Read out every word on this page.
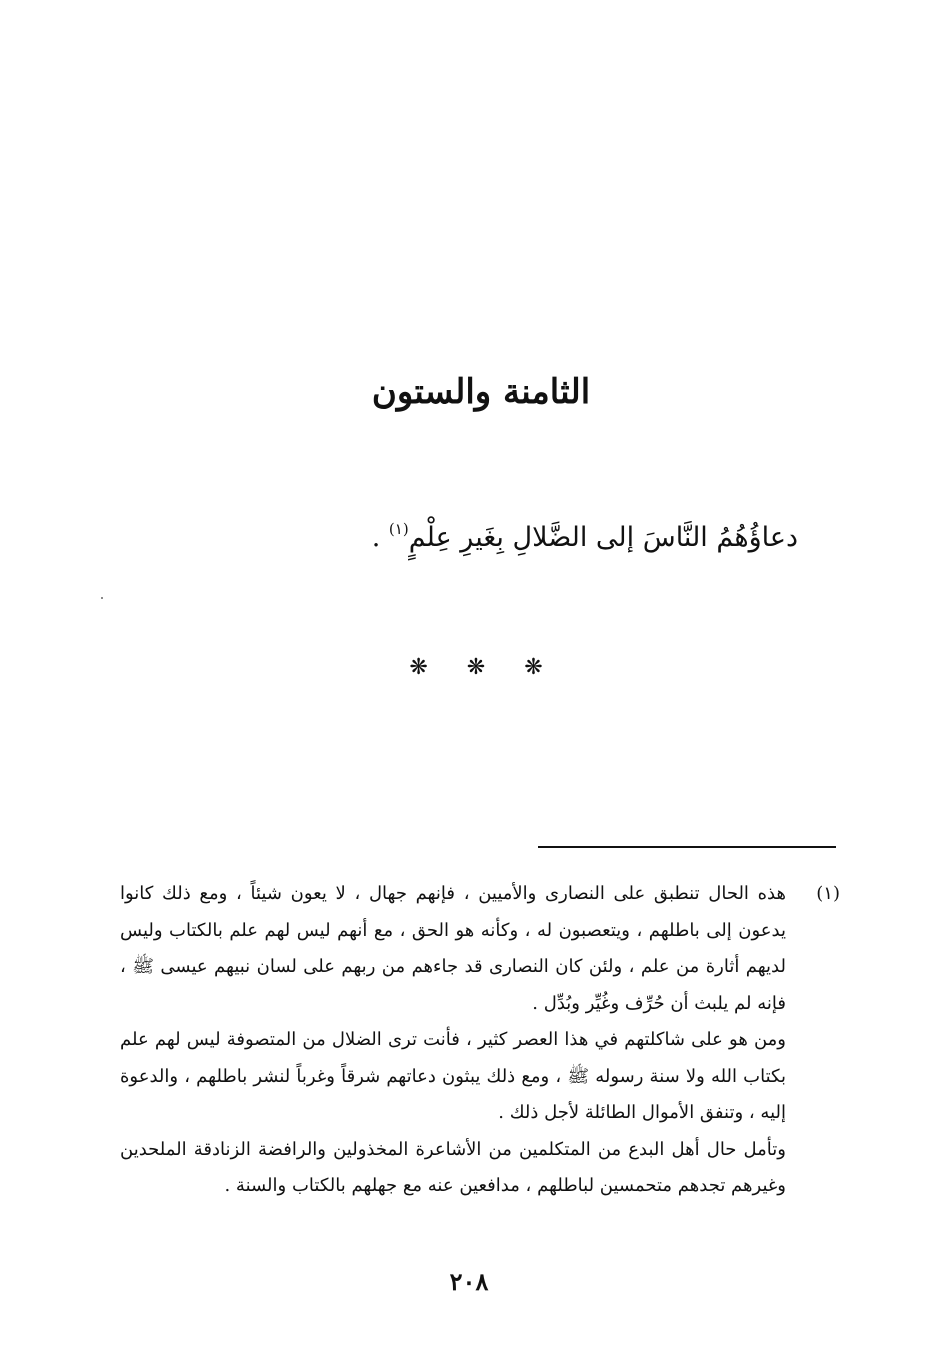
الثامنة والستون
دعاؤُهُمُ النَّاسَ إلى الضَّلالِ بِغَيرِ عِلْمٍ$^{(١)}$ .
❋ ❋ ❋
(١)

هذه الحال تنطبق على النصارى والأميين ، فإنهم جهال ، لا يعون شيئاً ، ومع ذلك كانوا يدعون إلى باطلهم ، ويتعصبون له ، وكأنه هو الحق ، مع أنهم ليس لهم علم بالكتاب وليس لديهم أثارة من علم ، ولئن كان النصارى قد جاءهم من ربهم على لسان نبيهم عيسى ﷺ ، فإنه لم يلبث أن حُرِّف وغُيِّر وبُدِّل .

ومن هو على شاكلتهم في هذا العصر كثير ، فأنت ترى الضلال من المتصوفة ليس لهم علم بكتاب الله ولا سنة رسوله ﷺ ، ومع ذلك يبثون دعاتهم شرقاً وغرباً لنشر باطلهم ، والدعوة إليه ، وتنفق الأموال الطائلة لأجل ذلك .

وتأمل حال أهل البدع من المتكلمين من الأشاعرة المخذولين والرافضة الزنادقة الملحدين وغيرهم تجدهم متحمسين لباطلهم ، مدافعين عنه مع جهلهم بالكتاب والسنة .

٢٠٨
